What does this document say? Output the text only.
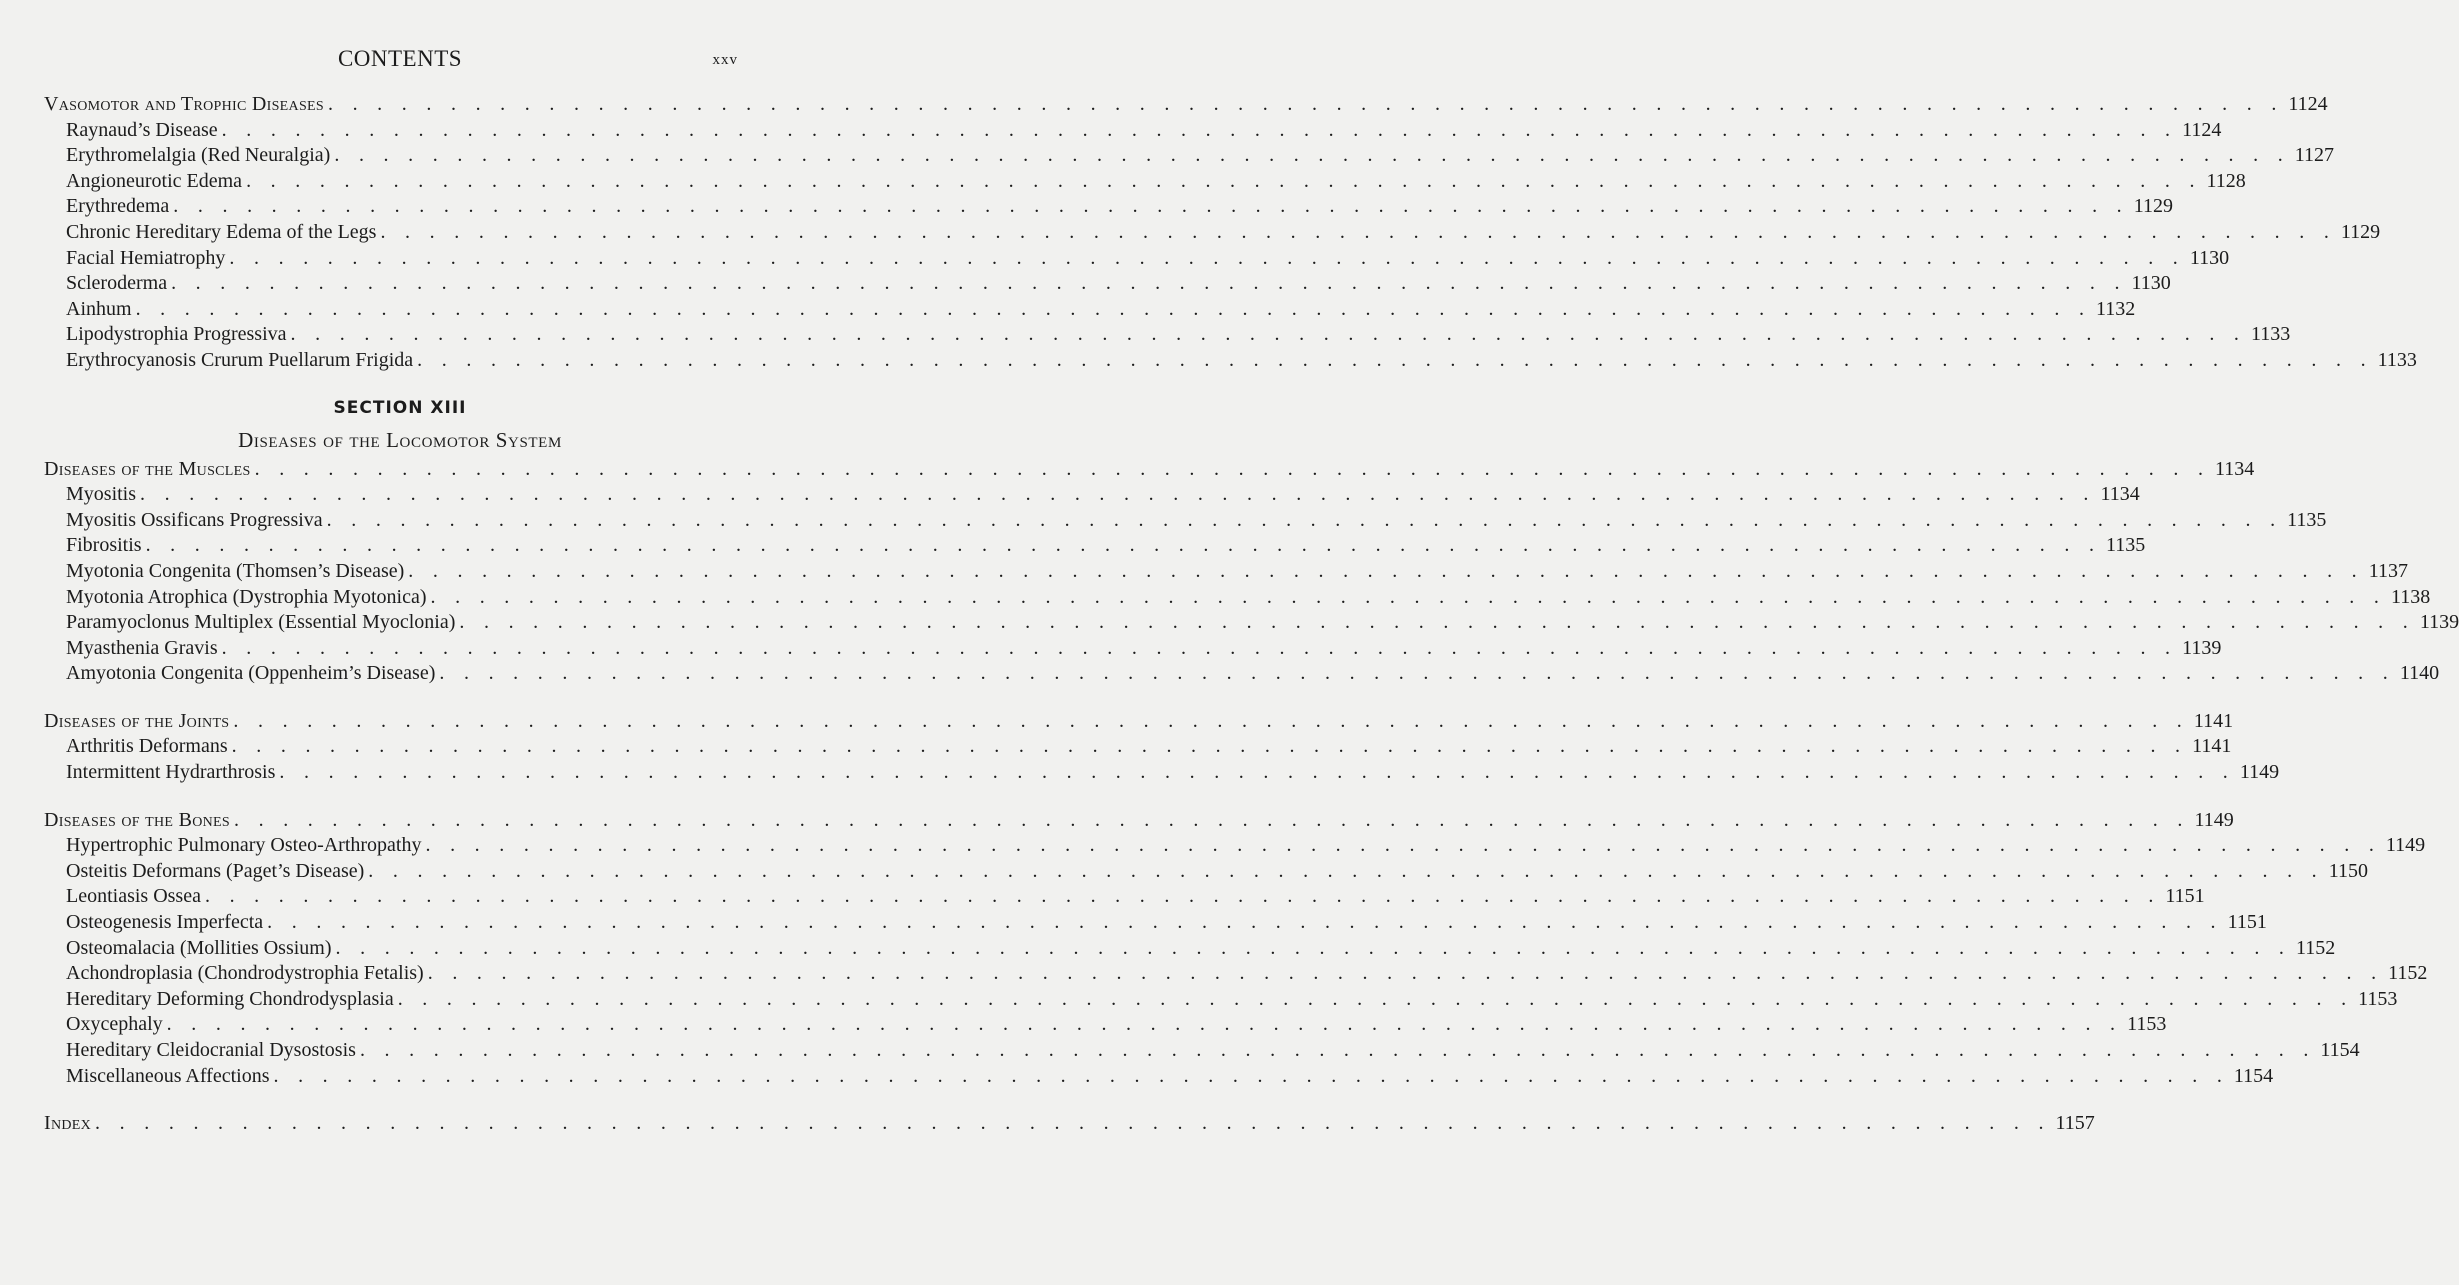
CONTENTS	xxv
Vasomotor and Trophic Diseases . . . . . . . . . . . . . . . . . . . . . . . . . . . . . . . . . . . . . . . . . . . . . . . . . . . . . . . . . . . . . . . . . . . . . . . . . . . . . . . . 1124
Raynaud’s Disease . . . . . . . . . . . . . . . . . . . . . . . . . . . . . . . . . . . . . . . . . . . . . . . . . . . . . . . . . . . . . . . . . . . . . . . . . . . . . . . . 1124
Erythromelalgia (Red Neuralgia) . . . . . . . . . . . . . . . . . . . . . . . . . . . . . . . . . . . . . . . . . . . . . . . . . . . . . . . . . . . . . . . . . . . . . . . . . . . . . . . . 1127
Angioneurotic Edema . . . . . . . . . . . . . . . . . . . . . . . . . . . . . . . . . . . . . . . . . . . . . . . . . . . . . . . . . . . . . . . . . . . . . . . . . . . . . . . . 1128
Erythredema . . . . . . . . . . . . . . . . . . . . . . . . . . . . . . . . . . . . . . . . . . . . . . . . . . . . . . . . . . . . . . . . . . . . . . . . . . . . . . . . 1129
Chronic Hereditary Edema of the Legs . . . . . . . . . . . . . . . . . . . . . . . . . . . . . . . . . . . . . . . . . . . . . . . . . . . . . . . . . . . . . . . . . . . . . . . . . . . . . . . . 1129
Facial Hemiatrophy . . . . . . . . . . . . . . . . . . . . . . . . . . . . . . . . . . . . . . . . . . . . . . . . . . . . . . . . . . . . . . . . . . . . . . . . . . . . . . . . 1130
Scleroderma . . . . . . . . . . . . . . . . . . . . . . . . . . . . . . . . . . . . . . . . . . . . . . . . . . . . . . . . . . . . . . . . . . . . . . . . . . . . . . . . 1130
Ainhum . . . . . . . . . . . . . . . . . . . . . . . . . . . . . . . . . . . . . . . . . . . . . . . . . . . . . . . . . . . . . . . . . . . . . . . . . . . . . . . . 1132
Lipodystrophia Progressiva . . . . . . . . . . . . . . . . . . . . . . . . . . . . . . . . . . . . . . . . . . . . . . . . . . . . . . . . . . . . . . . . . . . . . . . . . . . . . . . . 1133
Erythrocyanosis Crurum Puellarum Frigida . . . . . . . . . . . . . . . . . . . . . . . . . . . . . . . . . . . . . . . . . . . . . . . . . . . . . . . . . . . . . . . . . . . . . . . . . . . . . . . . 1133
SECTION XIII
Diseases of the Locomotor System
Diseases of the Muscles . . . . . . . . . . . . . . . . . . . . . . . . . . . . . . . . . . . . . . . . . . . . . . . . . . . . . . . . . . . . . . . . . . . . . . . . . . . . . . . . 1134
Myositis . . . . . . . . . . . . . . . . . . . . . . . . . . . . . . . . . . . . . . . . . . . . . . . . . . . . . . . . . . . . . . . . . . . . . . . . . . . . . . . . 1134
Myositis Ossificans Progressiva . . . . . . . . . . . . . . . . . . . . . . . . . . . . . . . . . . . . . . . . . . . . . . . . . . . . . . . . . . . . . . . . . . . . . . . . . . . . . . . . 1135
Fibrositis . . . . . . . . . . . . . . . . . . . . . . . . . . . . . . . . . . . . . . . . . . . . . . . . . . . . . . . . . . . . . . . . . . . . . . . . . . . . . . . . 1135
Myotonia Congenita (Thomsen’s Disease) . . . . . . . . . . . . . . . . . . . . . . . . . . . . . . . . . . . . . . . . . . . . . . . . . . . . . . . . . . . . . . . . . . . . . . . . . . . . . . . . 1137
Myotonia Atrophica (Dystrophia Myotonica) . . . . . . . . . . . . . . . . . . . . . . . . . . . . . . . . . . . . . . . . . . . . . . . . . . . . . . . . . . . . . . . . . . . . . . . . . . . . . . . . 1138
Paramyoclonus Multiplex (Essential Myoclonia) . . . . . . . . . . . . . . . . . . . . . . . . . . . . . . . . . . . . . . . . . . . . . . . . . . . . . . . . . . . . . . . . . . . . . . . . . . . . . . . . 1139
Myasthenia Gravis . . . . . . . . . . . . . . . . . . . . . . . . . . . . . . . . . . . . . . . . . . . . . . . . . . . . . . . . . . . . . . . . . . . . . . . . . . . . . . . . 1139
Amyotonia Congenita (Oppenheim’s Disease) . . . . . . . . . . . . . . . . . . . . . . . . . . . . . . . . . . . . . . . . . . . . . . . . . . . . . . . . . . . . . . . . . . . . . . . . . . . . . . . . 1140
Diseases of the Joints . . . . . . . . . . . . . . . . . . . . . . . . . . . . . . . . . . . . . . . . . . . . . . . . . . . . . . . . . . . . . . . . . . . . . . . . . . . . . . . . 1141
Arthritis Deformans . . . . . . . . . . . . . . . . . . . . . . . . . . . . . . . . . . . . . . . . . . . . . . . . . . . . . . . . . . . . . . . . . . . . . . . . . . . . . . . . 1141
Intermittent Hydrarthrosis . . . . . . . . . . . . . . . . . . . . . . . . . . . . . . . . . . . . . . . . . . . . . . . . . . . . . . . . . . . . . . . . . . . . . . . . . . . . . . . . 1149
Diseases of the Bones . . . . . . . . . . . . . . . . . . . . . . . . . . . . . . . . . . . . . . . . . . . . . . . . . . . . . . . . . . . . . . . . . . . . . . . . . . . . . . . . 1149
Hypertrophic Pulmonary Osteo-Arthropathy . . . . . . . . . . . . . . . . . . . . . . . . . . . . . . . . . . . . . . . . . . . . . . . . . . . . . . . . . . . . . . . . . . . . . . . . . . . . . . . . 1149
Osteitis Deformans (Paget’s Disease) . . . . . . . . . . . . . . . . . . . . . . . . . . . . . . . . . . . . . . . . . . . . . . . . . . . . . . . . . . . . . . . . . . . . . . . . . . . . . . . . 1150
Leontiasis Ossea . . . . . . . . . . . . . . . . . . . . . . . . . . . . . . . . . . . . . . . . . . . . . . . . . . . . . . . . . . . . . . . . . . . . . . . . . . . . . . . . 1151
Osteogenesis Imperfecta . . . . . . . . . . . . . . . . . . . . . . . . . . . . . . . . . . . . . . . . . . . . . . . . . . . . . . . . . . . . . . . . . . . . . . . . . . . . . . . . 1151
Osteomalacia (Mollities Ossium) . . . . . . . . . . . . . . . . . . . . . . . . . . . . . . . . . . . . . . . . . . . . . . . . . . . . . . . . . . . . . . . . . . . . . . . . . . . . . . . . 1152
Achondroplasia (Chondrodystrophia Fetalis) . . . . . . . . . . . . . . . . . . . . . . . . . . . . . . . . . . . . . . . . . . . . . . . . . . . . . . . . . . . . . . . . . . . . . . . . . . . . . . . . 1152
Hereditary Deforming Chondrodysplasia . . . . . . . . . . . . . . . . . . . . . . . . . . . . . . . . . . . . . . . . . . . . . . . . . . . . . . . . . . . . . . . . . . . . . . . . . . . . . . . . 1153
Oxycephaly . . . . . . . . . . . . . . . . . . . . . . . . . . . . . . . . . . . . . . . . . . . . . . . . . . . . . . . . . . . . . . . . . . . . . . . . . . . . . . . . 1153
Hereditary Cleidocranial Dysostosis . . . . . . . . . . . . . . . . . . . . . . . . . . . . . . . . . . . . . . . . . . . . . . . . . . . . . . . . . . . . . . . . . . . . . . . . . . . . . . . . 1154
Miscellaneous Affections . . . . . . . . . . . . . . . . . . . . . . . . . . . . . . . . . . . . . . . . . . . . . . . . . . . . . . . . . . . . . . . . . . . . . . . . . . . . . . . . 1154
Index . . . . . . . . . . . . . . . . . . . . . . . . . . . . . . . . . . . . . . . . . . . . . . . . . . . . . . . . . . . . . . . . . . . . . . . . . . . . . . . . 1157
